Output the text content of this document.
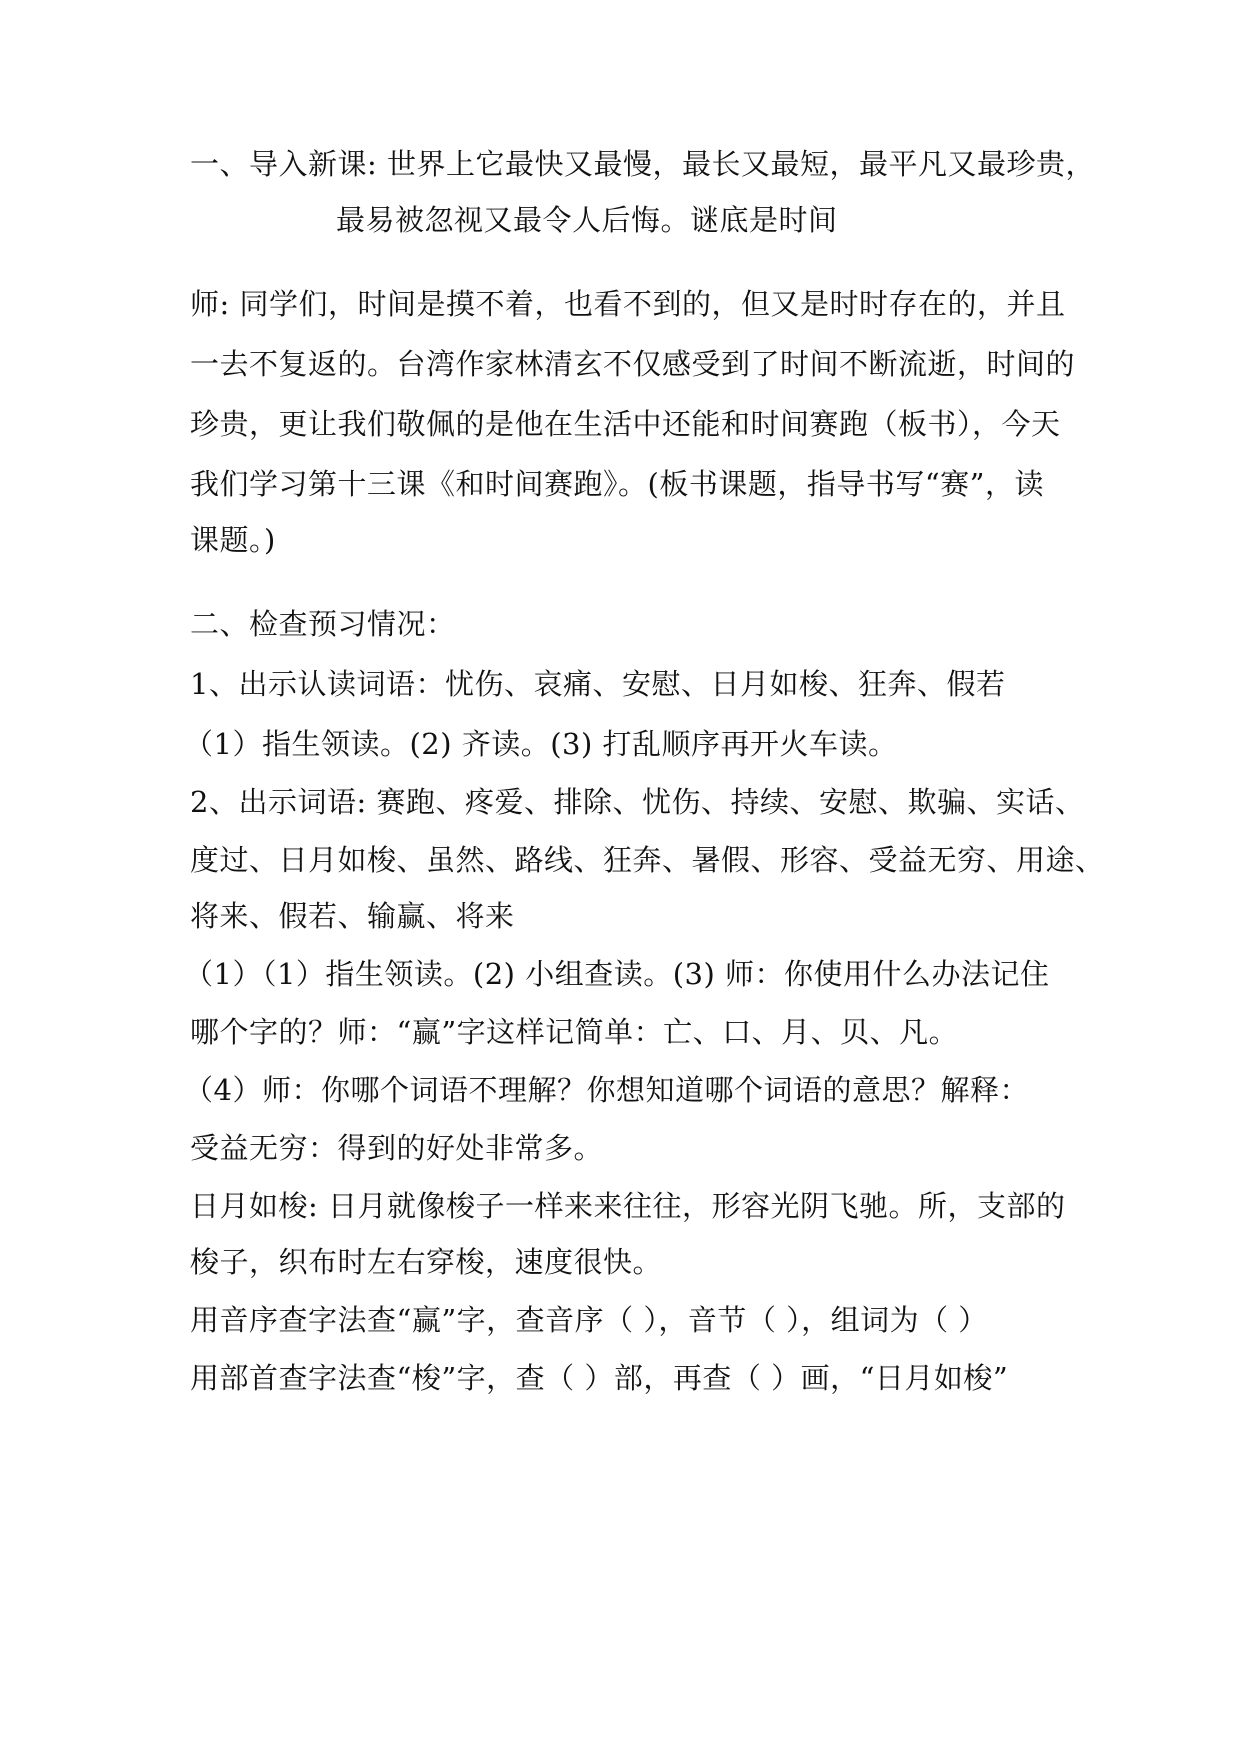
一、导入新课: 世界上它最快又最慢，最长又最短，最平凡又最珍贵，
最易被忽视又最令人后悔。谜底是时间
师: 同学们，时间是摸不着，也看不到的，但又是时时存在的，并且
一去不复返的。台湾作家林清玄不仅感受到了时间不断流逝，时间的
珍贵，更让我们敬佩的是他在生活中还能和时间赛跑（板书），今天
我们学习第十三课《和时间赛跑》。(板书课题，指导书写“赛”，读
课题。)
二、检查预习情况：
1、出示认读词语：忧伤、哀痛、安慰、日月如梭、狂奔、假若
（1）指生领读。(2) 齐读。(3) 打乱顺序再开火车读。
2、出示词语: 赛跑、疼爱、排除、忧伤、持续、安慰、欺骗、实话、
度过、日月如梭、虽然、路线、狂奔、暑假、形容、受益无穷、用途、
将来、假若、输赢、将来
（1）（1）指生领读。(2) 小组查读。(3) 师：你使用什么办法记住
哪个字的？师：“赢”字这样记简单：亡、口、月、贝、凡。
（4）师：你哪个词语不理解？你想知道哪个词语的意思？解释：
受益无穷：得到的好处非常多。
日月如梭: 日月就像梭子一样来来往往，形容光阴飞驰。所，支部的
梭子，织布时左右穿梭，速度很快。
用音序查字法查“赢”字，查音序（ ），音节（ ），组词为（ ）
用部首查字法查“梭”字，查（ ）部，再查（ ）画，“日月如梭”
